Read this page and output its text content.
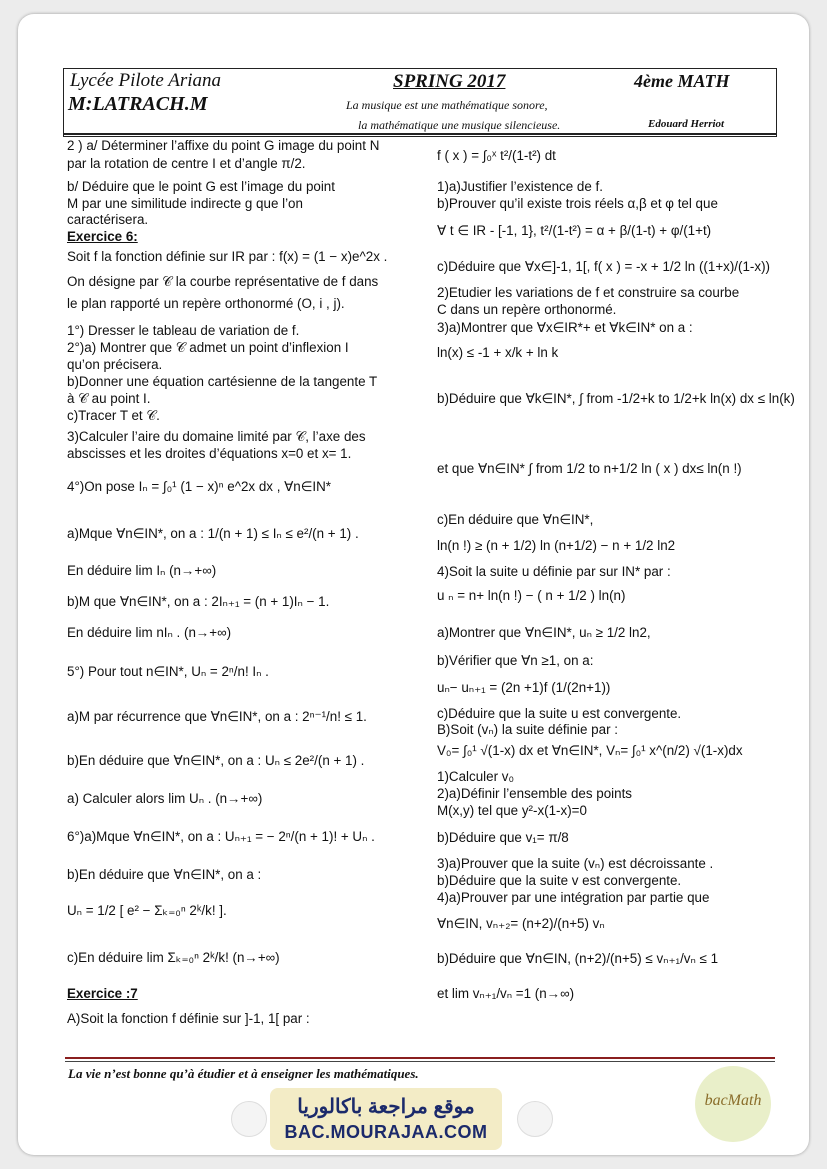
Lycée Pilote Ariana
M:LATRACH.M
SPRING 2017	4ème MATH
La musique est une mathématique sonore,
la mathématique une musique silencieuse.	Edouard Herriot
2 ) a/ Déterminer l’affixe du point G image du point N
par la rotation de centre I et d’angle π/2.
b/ Déduire que le point G est l’image du point
M par une similitude indirecte g que l’on
caractérisera.
Exercice 6:
Soit f la fonction définie sur IR par : f(x) = (1 − x)e^2x .
On désigne par 𝒞 la courbe représentative de f dans
le plan rapporté un repère orthonormé (O, i , j).
1°) Dresser le tableau de variation de f.
2°)a) Montrer que 𝒞 admet un point d’inflexion I
qu’on précisera.
b)Donner une équation cartésienne de la tangente T
à 𝒞 au point I.
c)Tracer T et 𝒞.
3)Calculer l’aire du domaine limité par 𝒞, l’axe des
abscisses et les droites d’équations x=0 et x= 1.
4°)On pose Iₙ = ∫₀¹ (1 − x)ⁿ e^2x dx , ∀n∈IN*
a)Mque ∀n∈IN*, on a : 1/(n + 1) ≤ Iₙ ≤ e²/(n + 1) .
En déduire lim Iₙ (n→+∞)
b)M que ∀n∈IN*, on a : 2Iₙ₊₁ = (n + 1)Iₙ − 1.
En déduire lim nIₙ . (n→+∞)
5°) Pour tout n∈IN*, Uₙ = 2ⁿ/n! Iₙ .
a)M par récurrence que ∀n∈IN*, on a : 2ⁿ⁻¹/n! ≤ 1.
b)En déduire que ∀n∈IN*, on a : Uₙ ≤ 2e²/(n + 1) .
a) Calculer alors lim Uₙ . (n→+∞)
6°)a)Mque ∀n∈IN*, on a : Uₙ₊₁ = − 2ⁿ/(n + 1)! + Uₙ .
b)En déduire que ∀n∈IN*, on a :
Uₙ = 1/2 [ e² − Σₖ₌₀ⁿ 2ᵏ/k! ].
c)En déduire lim Σₖ₌₀ⁿ 2ᵏ/k! (n→+∞)
Exercice :7
A)Soit la fonction f définie sur ]-1, 1[ par :
f ( x ) = ∫₀ˣ t²/(1-t²) dt
1)a)Justifier l’existence de f.
b)Prouver qu’il existe trois réels α,β et φ tel que
∀ t ∈ IR - [-1, 1}, t²/(1-t²) = α + β/(1-t) + φ/(1+t)
c)Déduire que ∀x∈]-1, 1[, f( x ) = -x + 1/2 ln ((1+x)/(1-x))
2)Etudier les variations de f et construire sa courbe
C dans un repère orthonormé.
3)a)Montrer que ∀x∈IR*+ et ∀k∈IN* on a :
ln(x) ≤ -1 + x/k + ln k
b)Déduire que ∀k∈IN*, ∫ from -1/2+k to 1/2+k ln(x) dx ≤ ln(k)
et que ∀n∈IN* ∫ from 1/2 to n+1/2 ln ( x ) dx≤ ln(n !)
c)En déduire que ∀n∈IN*,
ln(n !) ≥ (n + 1/2) ln (n+1/2) − n + 1/2 ln2
4)Soit la suite u définie par sur IN* par :
u ₙ = n+ ln(n !) − ( n + 1/2 ) ln(n)
a)Montrer que ∀n∈IN*, uₙ ≥ 1/2 ln2,
b)Vérifier que ∀n ≥1, on a:
uₙ− uₙ₊₁ = (2n +1)f (1/(2n+1))
c)Déduire que la suite u est convergente.
B)Soit (vₙ) la suite définie par :
V₀= ∫₀¹ √(1-x) dx et ∀n∈IN*, Vₙ= ∫₀¹ x^(n/2) √(1-x)dx
1)Calculer v₀
2)a)Définir l’ensemble des points
M(x,y) tel que y²-x(1-x)=0
b)Déduire que v₁= π/8
3)a)Prouver que la suite (vₙ) est décroissante .
b)Déduire que la suite v est convergente.
4)a)Prouver par une intégration par partie que
∀n∈IN, vₙ₊₂= (n+2)/(n+5) vₙ
b)Déduire que ∀n∈IN, (n+2)/(n+5) ≤ vₙ₊₁/vₙ ≤ 1
et lim vₙ₊₁/vₙ =1 (n→∞)
La vie n’est bonne qu’à étudier et à enseigner les mathématiques.
موقع مراجعة باكالوريا
BAC.MOURAJAA.COM
bacMath
